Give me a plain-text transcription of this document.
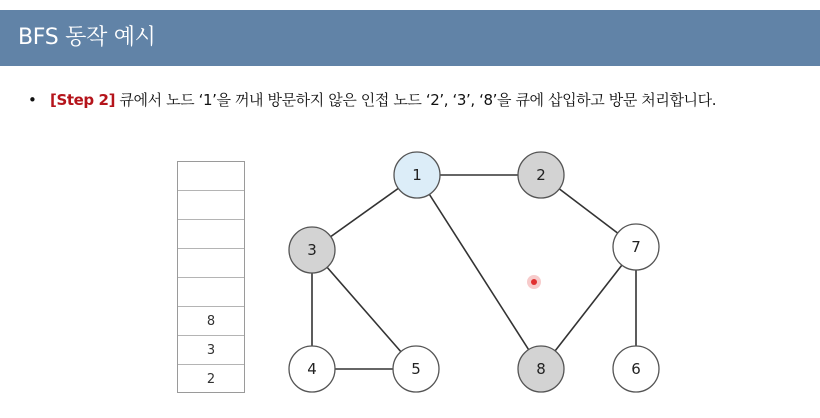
BFS 동작 예시
• [Step 2] 큐에서 노드 ‘1’을 꺼내 방문하지 않은 인접 노드 ‘2’, ‘3’, ‘8’을 큐에 삽입하고 방문 처리합니다.
8
3
2
1	2
3
4	5	6
7
8
